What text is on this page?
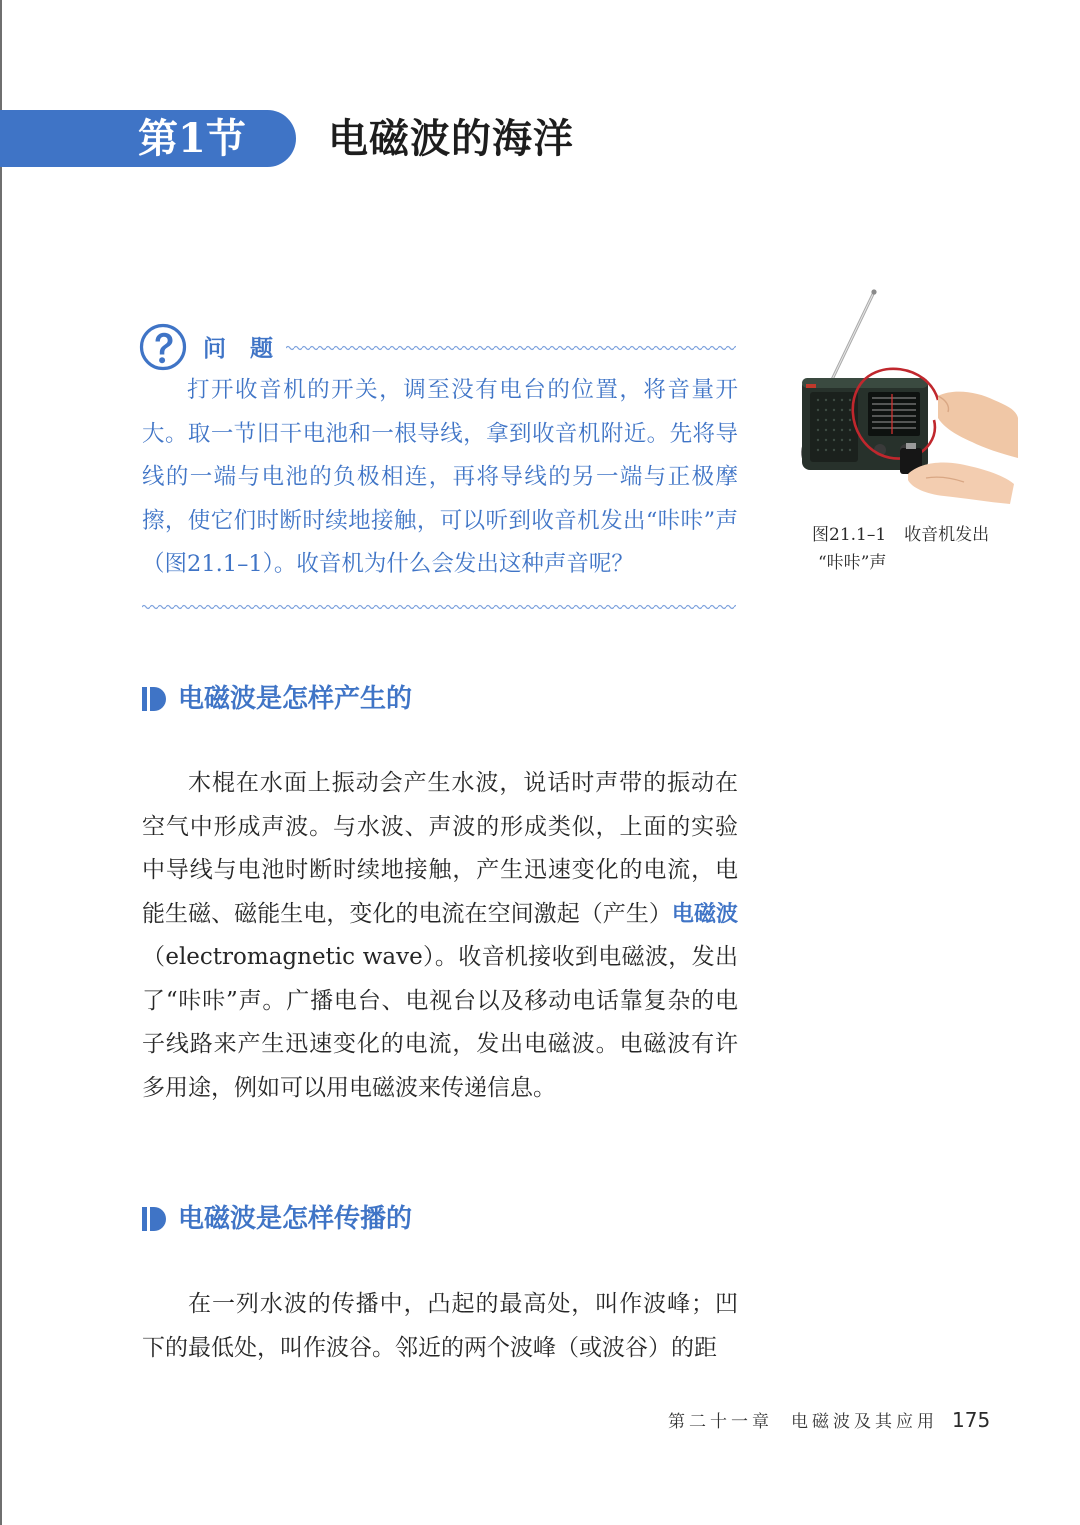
第1节 电磁波的海洋
问 题

打开收音机的开关，调至没有电台的位置，将音量开大。取一节旧干电池和一根导线，拿到收音机附近。先将导线的一端与电池的负极相连，再将导线的另一端与正极摩擦，使它们时断时续地接触，可以听到收音机发出“咔咔”声（图21.1–1）。收音机为什么会发出这种声音呢？

图21.1–1 收音机发出
“咔咔”声
电磁波是怎样产生的

木棍在水面上振动会产生水波，说话时声带的振动在空气中形成声波。与水波、声波的形成类似，上面的实验中导线与电池时断时续地接触，产生迅速变化的电流，电能生磁、磁能生电，变化的电流在空间激起（产生）电磁波（electromagnetic wave）。收音机接收到电磁波，发出了“咔咔”声。广播电台、电视台以及移动电话靠复杂的电子线路来产生迅速变化的电流，发出电磁波。电磁波有许多用途，例如可以用电磁波来传递信息。

电磁波是怎样传播的

在一列水波的传播中，凸起的最高处，叫作波峰；凹下的最低处，叫作波谷。邻近的两个波峰（或波谷）的距

第二十一章 电磁波及其应用 175
